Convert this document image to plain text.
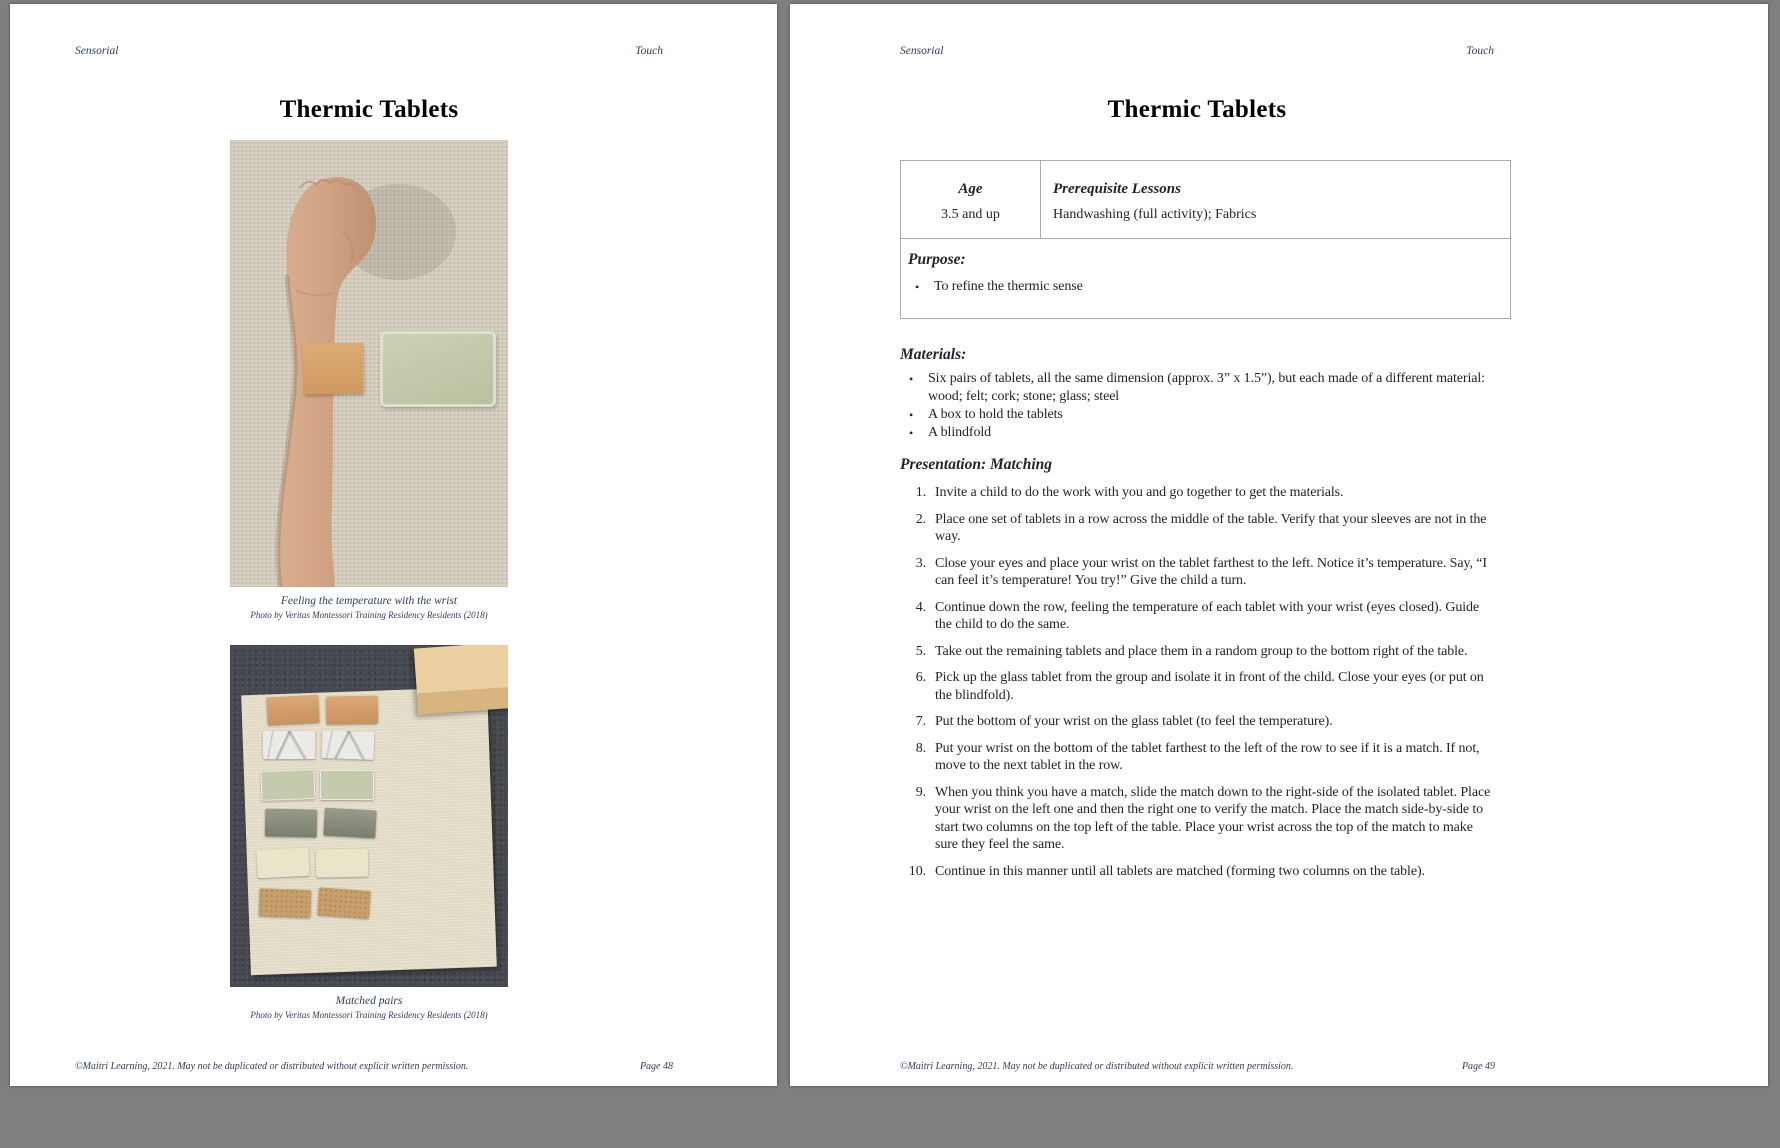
Sensorial	Touch
Thermic Tablets
Feeling the temperature with the wrist
Photo by Veritas Montessori Training Residency Residents (2018)
Matched pairs
Photo by Veritas Montessori Training Residency Residents (2018)
©Maitri Learning, 2021. May not be duplicated or distributed without explicit written permission.	Page 48
Sensorial	Touch
Thermic Tablets
Age
3.5 and up
Prerequisite Lessons
Handwashing (full activity); Fabrics
Purpose:
•	To refine the thermic sense
Materials:
•	Six pairs of tablets, all the same dimension (approx. 3” x 1.5”), but each made of a different material: wood; felt; cork; stone; glass; steel
•	A box to hold the tablets
•	A blindfold
Presentation: Matching
1. Invite a child to do the work with you and go together to get the materials.
2. Place one set of tablets in a row across the middle of the table. Verify that your sleeves are not in the way.
3. Close your eyes and place your wrist on the tablet farthest to the left. Notice it’s temperature. Say, “I can feel it’s temperature! You try!” Give the child a turn.
4. Continue down the row, feeling the temperature of each tablet with your wrist (eyes closed). Guide the child to do the same.
5. Take out the remaining tablets and place them in a random group to the bottom right of the table.
6. Pick up the glass tablet from the group and isolate it in front of the child. Close your eyes (or put on the blindfold).
7. Put the bottom of your wrist on the glass tablet (to feel the temperature).
8. Put your wrist on the bottom of the tablet farthest to the left of the row to see if it is a match. If not, move to the next tablet in the row.
9. When you think you have a match, slide the match down to the right-side of the isolated tablet. Place your wrist on the left one and then the right one to verify the match. Place the match side-by-side to start two columns on the top left of the table. Place your wrist across the top of the match to make sure they feel the same.
10. Continue in this manner until all tablets are matched (forming two columns on the table).
©Maitri Learning, 2021. May not be duplicated or distributed without explicit written permission.	Page 49
